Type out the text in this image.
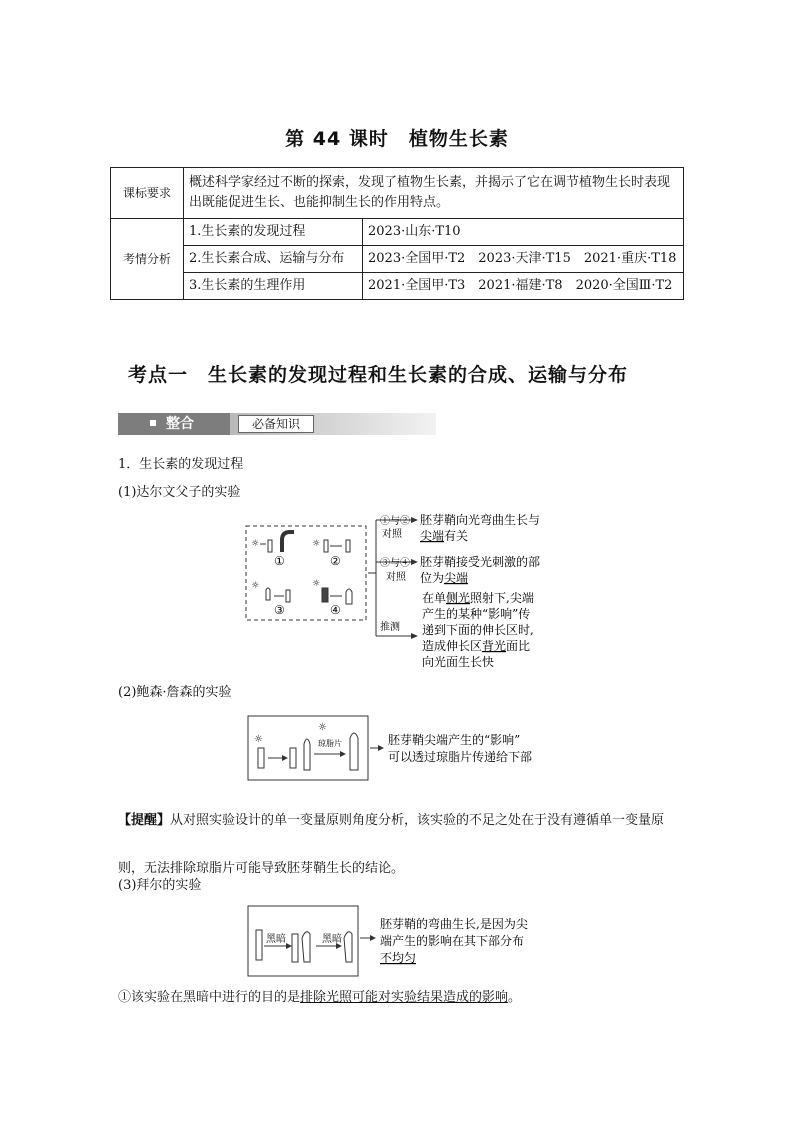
第 44 课时　植物生长素
课标要求	概述科学家经过不断的探索，发现了植物生长素，并揭示了它在调节植物生长时表现出既能促进生长、也能抑制生长的作用特点。	
考情分析	1.生长素的发现过程	2023·山东·T10
	2.生长素合成、运输与分布	2023·全国甲·T2　2023·天津·T15　2021·重庆·T18
	3.生长素的生理作用	2021·全国甲·T3　2021·福建·T8　2020·全国Ⅲ·T2
考点一　生长素的发现过程和生长素的合成、运输与分布
整合	必备知识
1．生长素的发现过程
(1)达尔文父子的实验
☼
①
☼
②
☼
③
☼
④
①与②
对照
③与④
对照
推测
胚芽鞘向光弯曲生长与
尖端有关
胚芽鞘接受光刺激的部
位为尖端
在单侧光照射下,尖端
产生的某种“影响”传
递到下面的伸长区时,
造成伸长区背光面比
向光面生长快
(2)鲍森·詹森的实验
☼
☼
琼脂片	胚芽鞘尖端产生的“影响”
可以透过琼脂片传递给下部
【提醒】从对照实验设计的单一变量原则角度分析，该实验的不足之处在于没有遵循单一变量原则，无法排除琼脂片可能导致胚芽鞘生长的结论。
(3)拜尔的实验
黑暗	黑暗
胚芽鞘的弯曲生长,是因为尖
端产生的影响在其下部分布
不均匀
①该实验在黑暗中进行的目的是排除光照可能对实验结果造成的影响。
